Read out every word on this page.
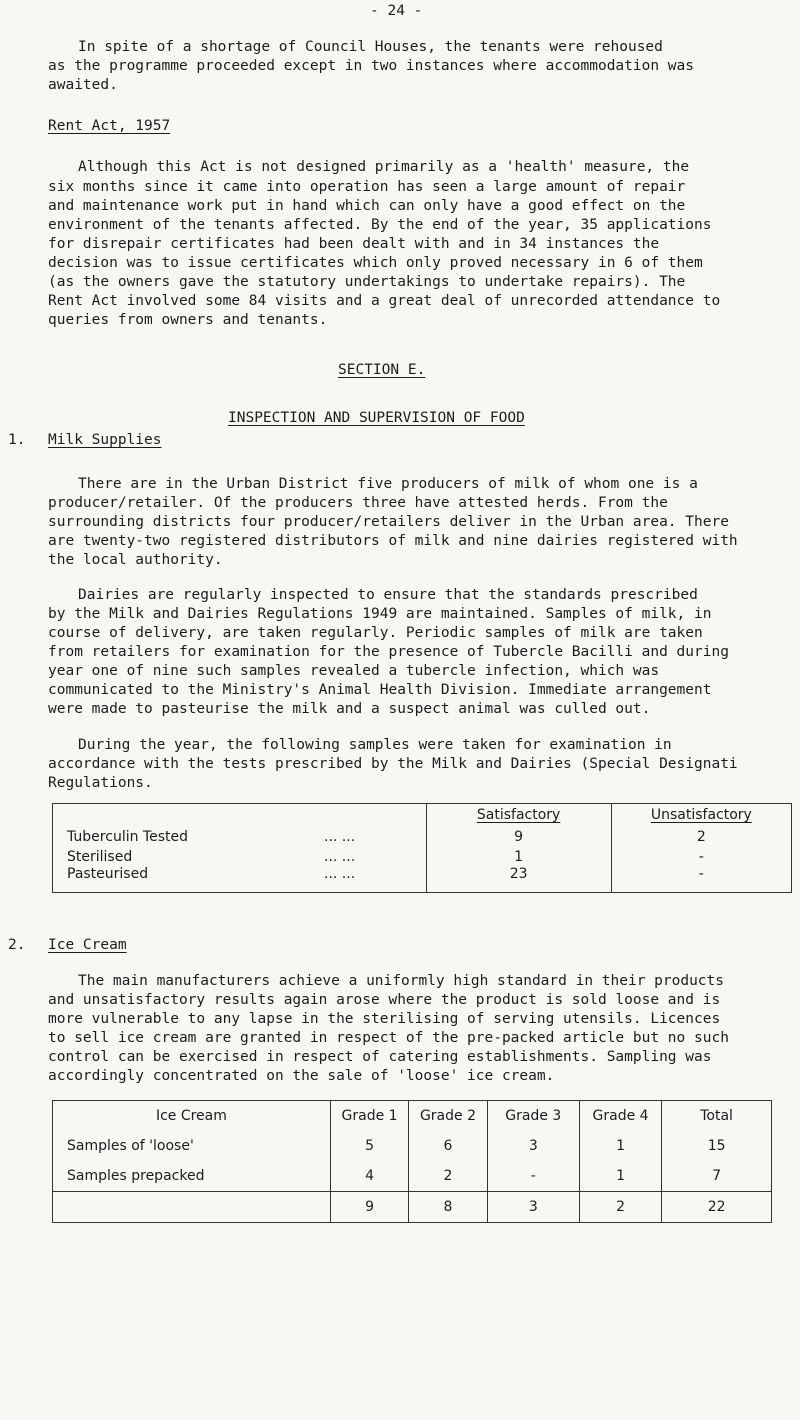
- 24 -
In spite of a shortage of Council Houses, the tenants were rehoused
as the programme proceeded except in two instances where accommodation was
awaited.
Rent Act, 1957
Although this Act is not designed primarily as a 'health' measure, the
six months since it came into operation has seen a large amount of repair
and maintenance work put in hand which can only have a good effect on the
environment of the tenants affected. By the end of the year, 35 applications
for disrepair certificates had been dealt with and in 34 instances the
decision was to issue certificates which only proved necessary in 6 of them
(as the owners gave the statutory undertakings to undertake repairs). The
Rent Act involved some 84 visits and a great deal of unrecorded attendance to
queries from owners and tenants.
SECTION E.
INSPECTION AND SUPERVISION OF FOOD
1. Milk Supplies
There are in the Urban District five producers of milk of whom one is a
producer/retailer. Of the producers three have attested herds. From the
surrounding districts four producer/retailers deliver in the Urban area. There
are twenty-two registered distributors of milk and nine dairies registered with
the local authority.
Dairies are regularly inspected to ensure that the standards prescribed
by the Milk and Dairies Regulations 1949 are maintained. Samples of milk, in
course of delivery, are taken regularly. Periodic samples of milk are taken
from retailers for examination for the presence of Tubercle Bacilli and during
year one of nine such samples revealed a tubercle infection, which was
communicated to the Ministry's Animal Health Division. Immediate arrangement
were made to pasteurise the milk and a suspect animal was culled out.
During the year, the following samples were taken for examination in
accordance with the tests prescribed by the Milk and Dairies (Special Designati
Regulations.
	Satisfactory	Unsatisfactory
Tuberculin Tested ... ...	9	2
Sterilised ... ...	1	-
Pasteurised ... ...	23	-
2. Ice Cream
The main manufacturers achieve a uniformly high standard in their products
and unsatisfactory results again arose where the product is sold loose and is
more vulnerable to any lapse in the sterilising of serving utensils. Licences
to sell ice cream are granted in respect of the pre-packed article but no such
control can be exercised in respect of catering establishments. Sampling was
accordingly concentrated on the sale of 'loose' ice cream.
Ice Cream	Grade 1	Grade 2	Grade 3	Grade 4	Total
Samples of 'loose'	5	6	3	1	15
Samples prepacked	4	2	-	1	7
	9	8	3	2	22
